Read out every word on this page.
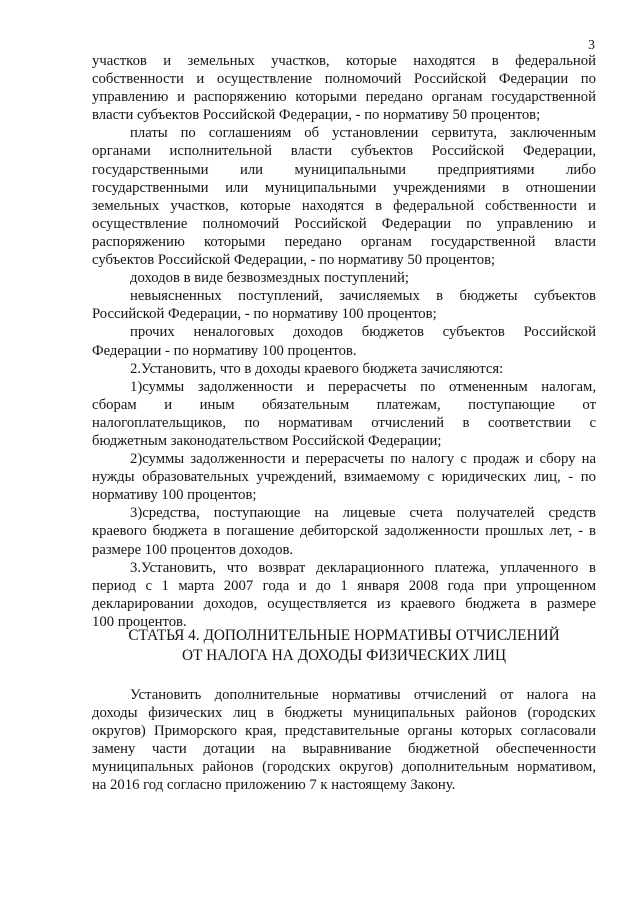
3
участков и земельных участков, которые находятся в федеральной
собственности и осуществление полномочий Российской Федерации по
управлению и распоряжению которыми передано органам государственной
власти субъектов Российской Федерации, - по нормативу 50 процентов;
платы по соглашениям об установлении сервитута, заключенным
органами исполнительной власти субъектов Российской Федерации,
государственными или муниципальными предприятиями либо
государственными или муниципальными учреждениями в отношении
земельных участков, которые находятся в федеральной собственности и
осуществление полномочий Российской Федерации по управлению и
распоряжению которыми передано органам государственной власти
субъектов Российской Федерации, - по нормативу 50 процентов;
доходов в виде безвозмездных поступлений;
невыясненных поступлений, зачисляемых в бюджеты субъектов
Российской Федерации, - по нормативу 100 процентов;
прочих неналоговых доходов бюджетов субъектов Российской
Федерации - по нормативу 100 процентов.
2.Установить, что в доходы краевого бюджета зачисляются:
1)суммы задолженности и перерасчеты по отмененным налогам,
сборам и иным обязательным платежам, поступающие от
налогоплательщиков, по нормативам отчислений в соответствии с
бюджетным законодательством Российской Федерации;
2)суммы задолженности и перерасчеты по налогу с продаж и сбору на
нужды образовательных учреждений, взимаемому с юридических лиц, - по
нормативу 100 процентов;
3)средства, поступающие на лицевые счета получателей средств
краевого бюджета в погашение дебиторской задолженности прошлых лет, - в
размере 100 процентов доходов.
3.Установить, что возврат декларационного платежа, уплаченного в
период с 1 марта 2007 года и до 1 января 2008 года при упрощенном
декларировании доходов, осуществляется из краевого бюджета в размере
100 процентов.
СТАТЬЯ 4. ДОПОЛНИТЕЛЬНЫЕ НОРМАТИВЫ ОТЧИСЛЕНИЙ
ОТ НАЛОГА НА ДОХОДЫ ФИЗИЧЕСКИХ ЛИЦ
Установить дополнительные нормативы отчислений от налога на
доходы физических лиц в бюджеты муниципальных районов (городских
округов) Приморского края, представительные органы которых согласовали
замену части дотации на выравнивание бюджетной обеспеченности
муниципальных районов (городских округов) дополнительным нормативом,
на 2016 год согласно приложению 7 к настоящему Закону.
